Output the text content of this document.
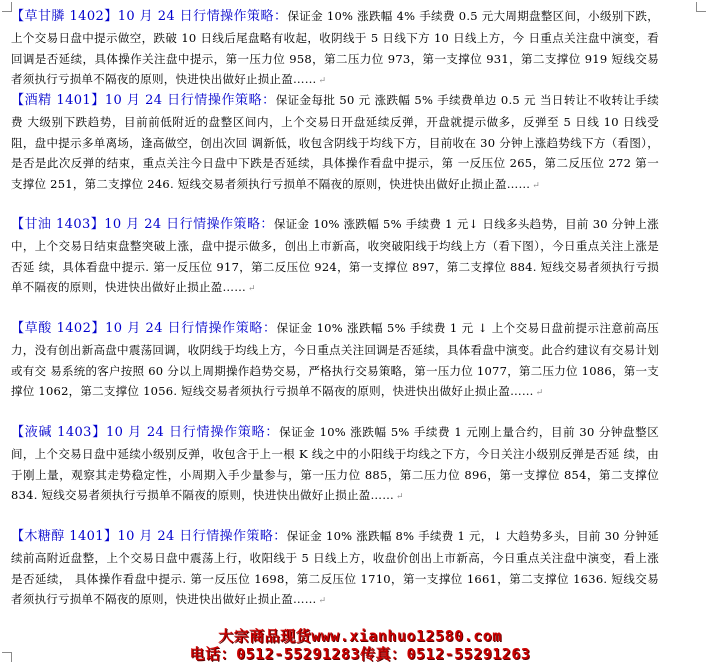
【草甘膦 1402】10 月 24 日行情操作策略：保证金 10% 涨跌幅 4% 手续费 0.5 元大周期盘整区间，小级别下跌，上个交易日盘中提示做空，跌破 10 日线后尾盘略有收起，收阴线于 5 日线下方 10 日线上方，今 日重点关注盘中演变，看回调是否延续，具体操作关注盘中提示，第一压力位 958，第二压力位 973，第一支撑位 931，第二支撑位 919 短线交易者须执行亏损单不隔夜的原则，快进快出做好止损止盈…… ↵
【酒精 1401】10 月 24 日行情操作策略：保证金每批 50 元 涨跌幅 5% 手续费单边 0.5 元 当日转让不收转让手续费 大级别下跌趋势，目前前低附近的盘整区间内，上个交易日开盘延续反弹，开盘就提示做多，反弹至 5 日线 10 日线受阻，盘中提示多单离场，逢高做空，创出次回 调新低，收包含阴线于均线下方，目前收在 30 分钟上涨趋势线下方（看图），是否是此次反弹的结束，重点关注今日盘中下跌是否延续，具体操作看盘中提示，第 一反压位 265，第二反压位 272 第一支撑位 251，第二支撑位 246. 短线交易者须执行亏损单不隔夜的原则，快进快出做好止损止盈…… ↵
【甘油 1403】10 月 24 日行情操作策略：保证金 10% 涨跌幅 5% 手续费 1 元↓ 日线多头趋势，目前 30 分钟上涨中，上个交易日结束盘整突破上涨，盘中提示做多，创出上市新高，收突破阳线于均线上方（看下图），今日重点关注上涨是否延 续，具体看盘中提示. 第一反压位 917，第二反压位 924，第一支撑位 897，第二支撑位 884. 短线交易者须执行亏损单不隔夜的原则，快进快出做好止损止盈…… ↵
【草酸 1402】10 月 24 日行情操作策略：保证金 10% 涨跌幅 5% 手续费 1 元 ↓ 上个交易日盘前提示注意前高压力，没有创出新高盘中震荡回调，收阴线于均线上方，今日重点关注回调是否延续，具体看盘中演变。此合约建议有交易计划或有交 易系统的客户按照 60 分以上周期操作趋势交易，严格执行交易策略，第一压力位 1077，第二压力位 1086，第一支撑位 1062，第二支撑位 1056. 短线交易者须执行亏损单不隔夜的原则，快进快出做好止损止盈…… ↵
【液碱 1403】10 月 24 日行情操作策略：保证金 10% 涨跌幅 5% 手续费 1 元刚上量合约，目前 30 分钟盘整区间，上个交易日盘中延续小级别反弹，收包含于上一根 K 线之中的小阳线于均线之下方，今日关注小级别反弹是否延 续，由于刚上量，观察其走势稳定性，小周期入手少量参与，第一压力位 885，第二压力位 896，第一支撑位 854，第二支撑位 834. 短线交易者须执行亏损单不隔夜的原则，快进快出做好止损止盈…… ↵
【木糖醇 1401】10 月 24 日行情操作策略：保证金 10% 涨跌幅 8% 手续费 1 元，↓ 大趋势多头，目前 30 分钟延续前高附近盘整，上个交易日盘中震荡上行，收阳线于 5 日线上方，收盘价创出上市新高，今日重点关注盘中演变，看上涨是否延续， 具体操作看盘中提示. 第一反压位 1698，第二反压位 1710，第一支撑位 1661，第二支撑位 1636. 短线交易者须执行亏损单不隔夜的原则，快进快出做好止损止盈…… ↵
大宗商品现货www.xianhuo12580.com
电话：0512-55291283传真：0512-55291263
